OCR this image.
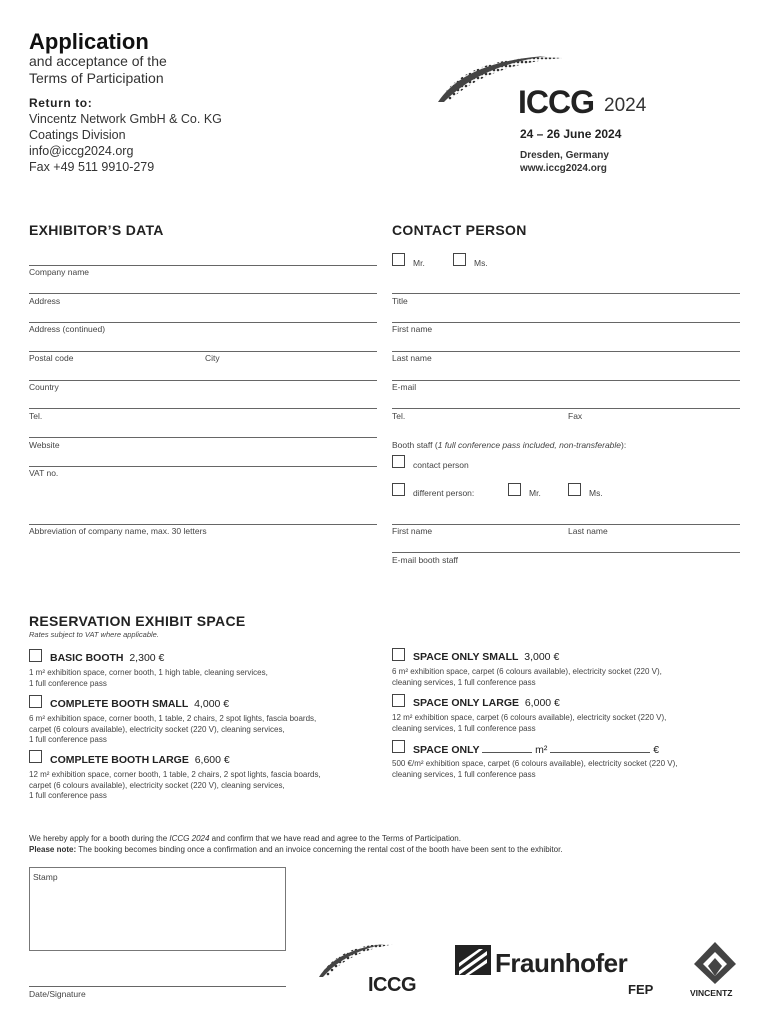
Application
and acceptance of the
Terms of Participation
Return to:
Vincentz Network GmbH & Co. KG
Coatings Division
info@iccg2024.org
Fax +49 511 9910-279
ICCG 2024
24 – 26 June 2024
Dresden, Germany
www.iccg2024.org
EXHIBITOR’S DATA
Company name
Address
Address (continued)
Postal code	City
Country
Tel.
Website
VAT no.
Abbreviation of company name, max. 30 letters
CONTACT PERSON
Mr.	Ms.
Title
First name
Last name
E-mail
Tel.	Fax
Booth staff (1 full conference pass included, non-transferable):
contact person
different person:	Mr.	Ms.
First name	Last name
E-mail booth staff
RESERVATION EXHIBIT SPACE
Rates subject to VAT where applicable.
BASIC BOOTH 2,300 €
1 m² exhibition space, corner booth, 1 high table, cleaning services,
1 full conference pass
COMPLETE BOOTH SMALL 4,000 €
6 m² exhibition space, corner booth, 1 table, 2 chairs, 2 spot lights, fascia boards,
carpet (6 colours available), electricity socket (220 V), cleaning services,
1 full conference pass
COMPLETE BOOTH LARGE 6,600 €
12 m² exhibition space, corner booth, 1 table, 2 chairs, 2 spot lights, fascia boards,
carpet (6 colours available), electricity socket (220 V), cleaning services,
1 full conference pass
SPACE ONLY SMALL 3,000 €
6 m² exhibition space, carpet (6 colours available), electricity socket (220 V),
cleaning services, 1 full conference pass
SPACE ONLY LARGE 6,000 €
12 m² exhibition space, carpet (6 colours available), electricity socket (220 V),
cleaning services, 1 full conference pass
SPACE ONLY	m²	€
500 €/m² exhibition space, carpet (6 colours available), electricity socket (220 V),
cleaning services, 1 full conference pass
We hereby apply for a booth during the ICCG 2024 and confirm that we have read and agree to the Terms of Participation.
Please note: The booking becomes binding once a confirmation and an invoice concerning the rental cost of the booth have been sent to the exhibitor.
Stamp
Date/Signature	ICCG
Fraunhofer
FEP	VINCENTZ
